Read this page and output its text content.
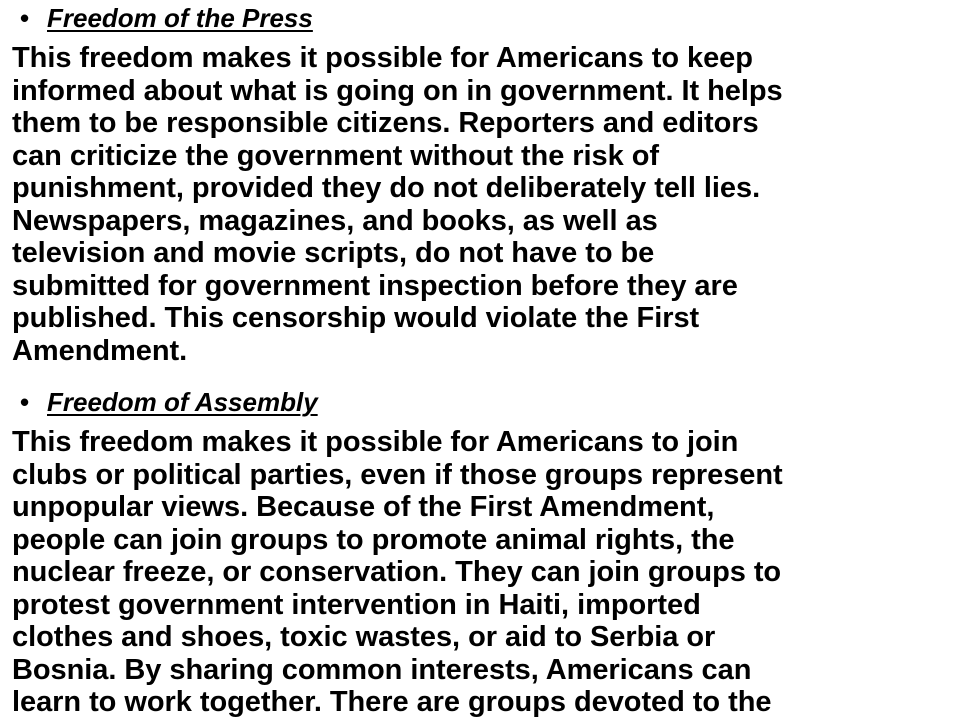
• Freedom of the Press

This freedom makes it possible for Americans to keep
informed about what is going on in government. It helps
them to be responsible citizens. Reporters and editors
can criticize the government without the risk of
punishment, provided they do not deliberately tell lies.
Newspapers, magazines, and books, as well as
television and movie scripts, do not have to be
submitted for government inspection before they are
published. This censorship would violate the First
Amendment.

• Freedom of Assembly

This freedom makes it possible for Americans to join
clubs or political parties, even if those groups represent
unpopular views. Because of the First Amendment,
people can join groups to promote animal rights, the
nuclear freeze, or conservation. They can join groups to
protest government intervention in Haiti, imported
clothes and shoes, toxic wastes, or aid to Serbia or
Bosnia. By sharing common interests, Americans can
learn to work together. There are groups devoted to the
